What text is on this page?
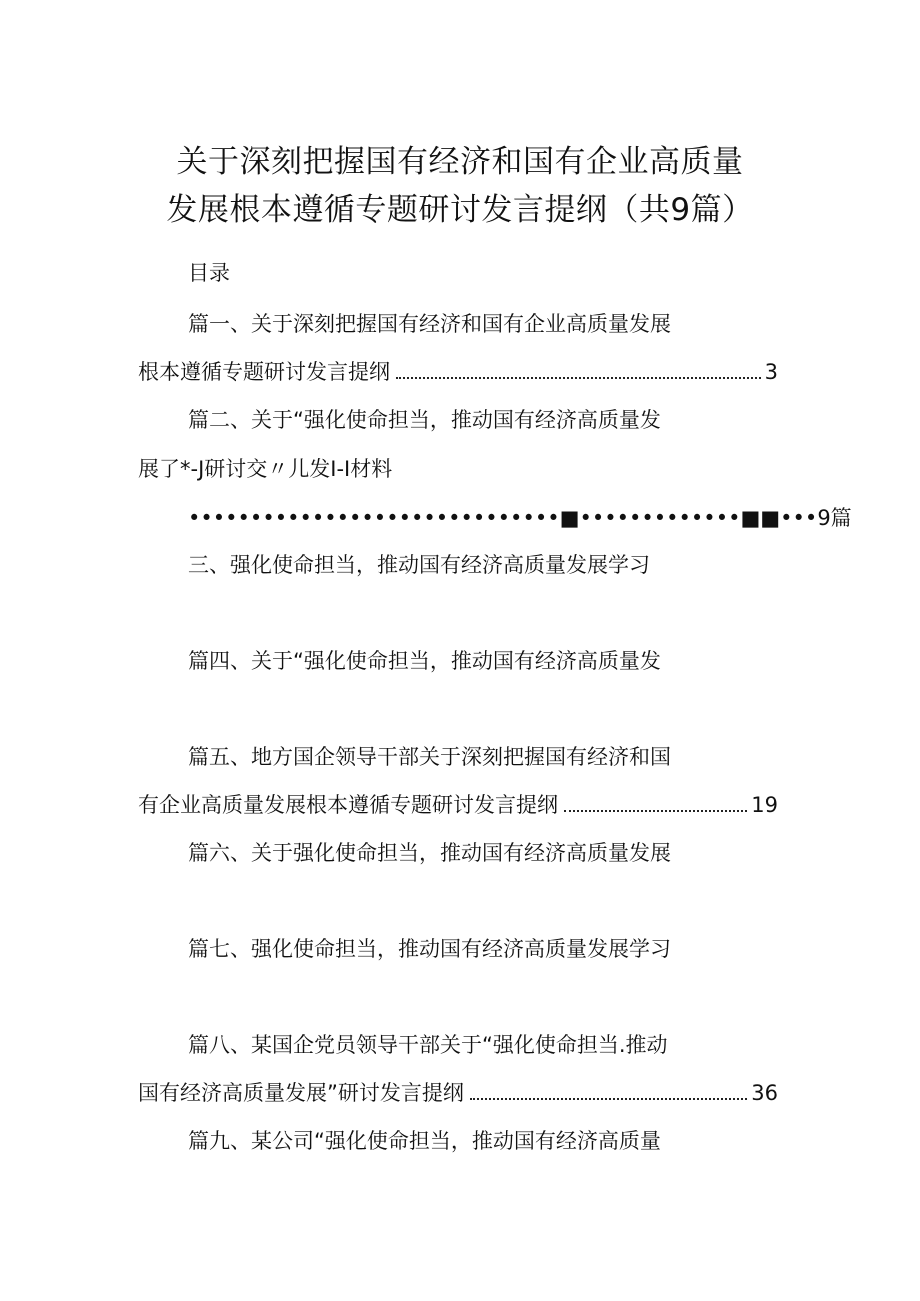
关于深刻把握国有经济和国有企业高质量
发展根本遵循专题研讨发言提纲（共9篇）
目录
篇一、关于深刻把握国有经济和国有企业高质量发展
根本遵循专题研讨发言提纲	3
篇二、关于“强化使命担当，推动国有经济高质量发
展了*-J研讨交〃儿发I-I材料
••••••••••••••••••••••••••••••■•••••••••••••■■•••9篇
三、强化使命担当，推动国有经济高质量发展学习
篇四、关于“强化使命担当，推动国有经济高质量发
篇五、地方国企领导干部关于深刻把握国有经济和国
有企业高质量发展根本遵循专题研讨发言提纲	19
篇六、关于强化使命担当，推动国有经济高质量发展
篇七、强化使命担当，推动国有经济高质量发展学习
篇八、某国企党员领导干部关于“强化使命担当.推动
国有经济高质量发展”研讨发言提纲	36
篇九、某公司“强化使命担当，推动国有经济高质量
